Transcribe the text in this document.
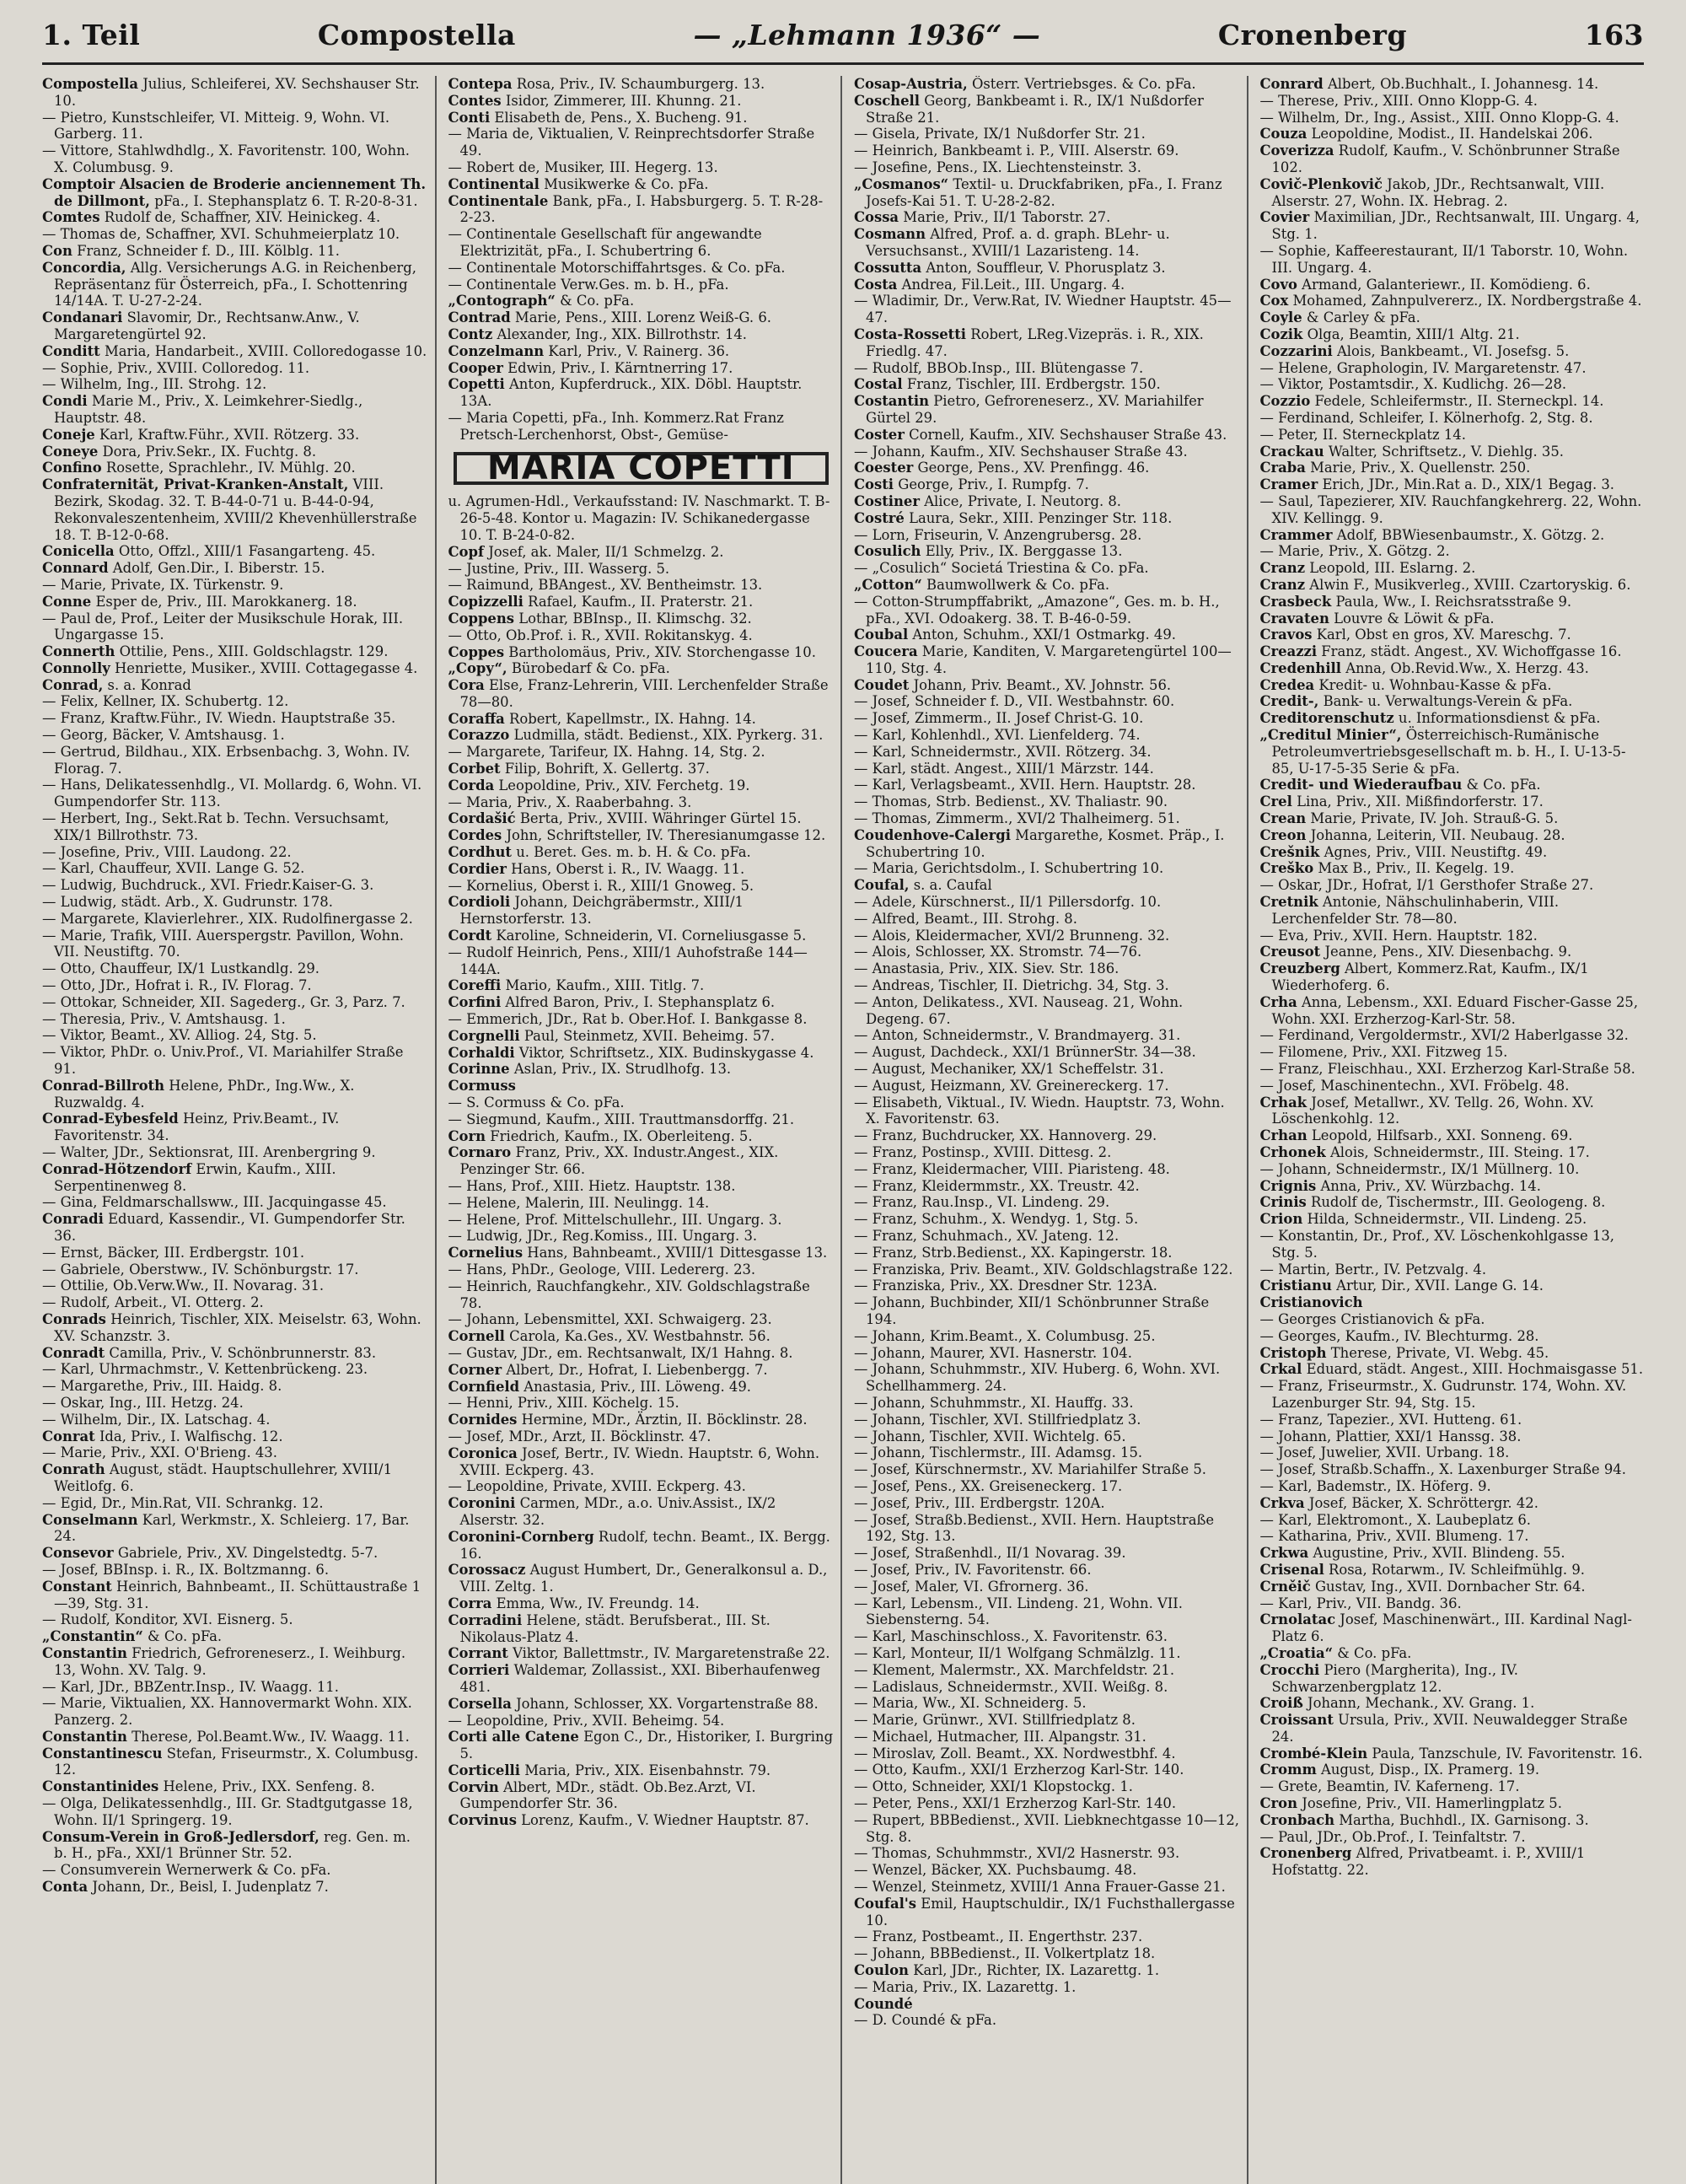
1. Teil	Compostella	— „Lehmann 1936“ —	Cronenberg	163

Compostella Julius, Schleiferei, XV. Sechshauser Str. 10.

— Pietro, Kunstschleifer, VI. Mitteig. 9, Wohn. VI. Garberg. 11.

— Vittore, Stahlwdhdlg., X. Favoritenstr. 100, Wohn. X. Columbusg. 9.

Comptoir Alsacien de Broderie anciennement Th. de Dillmont, pFa., I. Stephansplatz 6. T. R-20-8-31.

Comtes Rudolf de, Schaffner, XIV. Heinickeg. 4.

— Thomas de, Schaffner, XVI. Schuhmeierplatz 10.

Con Franz, Schneider f. D., III. Kölblg. 11.

Concordia, Allg. Versicherungs A.G. in Reichenberg, Repräsentanz für Österreich, pFa., I. Schottenring 14/14A. T. U-27-2-24.

Condanari Slavomir, Dr., Rechtsanw.Anw., V. Margaretengürtel 92.

Conditt Maria, Handarbeit., XVIII. Colloredogasse 10.

— Sophie, Priv., XVIII. Colloredog. 11.

— Wilhelm, Ing., III. Strohg. 12.

Condi Marie M., Priv., X. Leimkehrer-Siedlg., Hauptstr. 48.

Coneje Karl, Kraftw.Führ., XVII. Rötzerg. 33.

Coneye Dora, Priv.Sekr., IX. Fuchtg. 8.

Confino Rosette, Sprachlehr., IV. Mühlg. 20.

Confraternität, Privat-Kranken-Anstalt, VIII. Bezirk, Skodag. 32. T. B-44-0-71 u. B-44-0-94, Rekonvaleszentenheim, XVIII/2 Khevenhüllerstraße 18. T. B-12-0-68.

Conicella Otto, Offzl., XIII/1 Fasangarteng. 45.

Connard Adolf, Gen.Dir., I. Biberstr. 15.

— Marie, Private, IX. Türkenstr. 9.

Conne Esper de, Priv., III. Marokkanerg. 18.

— Paul de, Prof., Leiter der Musikschule Horak, III. Ungargasse 15.

Connerth Ottilie, Pens., XIII. Goldschlagstr. 129.

Connolly Henriette, Musiker., XVIII. Cottagegasse 4.

Conrad, s. a. Konrad

— Felix, Kellner, IX. Schubertg. 12.

— Franz, Kraftw.Führ., IV. Wiedn. Hauptstraße 35.

— Georg, Bäcker, V. Amtshausg. 1.

— Gertrud, Bildhau., XIX. Erbsenbachg. 3, Wohn. IV. Florag. 7.

— Hans, Delikatessenhdlg., VI. Mollardg. 6, Wohn. VI. Gumpendorfer Str. 113.

— Herbert, Ing., Sekt.Rat b. Techn. Versuchsamt, XIX/1 Billrothstr. 73.

— Josefine, Priv., VIII. Laudong. 22.

— Karl, Chauffeur, XVII. Lange G. 52.

— Ludwig, Buchdruck., XVI. Friedr.Kaiser-G. 3.

— Ludwig, städt. Arb., X. Gudrunstr. 178.

— Margarete, Klavierlehrer., XIX. Rudolfinergasse 2.

— Marie, Trafik, VIII. Auerspergstr. Pavillon, Wohn. VII. Neustiftg. 70.

— Otto, Chauffeur, IX/1 Lustkandlg. 29.

— Otto, JDr., Hofrat i. R., IV. Florag. 7.

— Ottokar, Schneider, XII. Sagederg., Gr. 3, Parz. 7.

— Theresia, Priv., V. Amtshausg. 1.

— Viktor, Beamt., XV. Alliog. 24, Stg. 5.

— Viktor, PhDr. o. Univ.Prof., VI. Mariahilfer Straße 91.

Conrad-Billroth Helene, PhDr., Ing.Ww., X. Ruzwaldg. 4.

Conrad-Eybesfeld Heinz, Priv.Beamt., IV. Favoritenstr. 34.

— Walter, JDr., Sektionsrat, III. Arenbergring 9.

Conrad-Hötzendorf Erwin, Kaufm., XIII. Serpentinenweg 8.

— Gina, Feldmarschallsww., III. Jacquingasse 45.

Conradi Eduard, Kassendir., VI. Gumpendorfer Str. 36.

— Ernst, Bäcker, III. Erdbergstr. 101.

— Gabriele, Oberstww., IV. Schönburgstr. 17.

— Ottilie, Ob.Verw.Ww., II. Novarag. 31.

— Rudolf, Arbeit., VI. Otterg. 2.

Conrads Heinrich, Tischler, XIX. Meiselstr. 63, Wohn. XV. Schanzstr. 3.

Conradt Camilla, Priv., V. Schönbrunnerstr. 83.

— Karl, Uhrmachmstr., V. Kettenbrückeng. 23.

— Margarethe, Priv., III. Haidg. 8.

— Oskar, Ing., III. Hetzg. 24.

— Wilhelm, Dir., IX. Latschag. 4.

Conrat Ida, Priv., I. Walfischg. 12.

— Marie, Priv., XXI. O'Brieng. 43.

Conrath August, städt. Hauptschullehrer, XVIII/1 Weitlofg. 6.

— Egid, Dr., Min.Rat, VII. Schrankg. 12.

Conselmann Karl, Werkmstr., X. Schleierg. 17, Bar. 24.

Consevor Gabriele, Priv., XV. Dingelstedtg. 5-7.

— Josef, BBInsp. i. R., IX. Boltzmanng. 6.

Constant Heinrich, Bahnbeamt., II. Schüttaustraße 1—39, Stg. 31.

— Rudolf, Konditor, XVI. Eisnerg. 5.

„Constantin“ & Co. pFa.

Constantin Friedrich, Gefroreneserz., I. Weihburg. 13, Wohn. XV. Talg. 9.

— Karl, JDr., BBZentr.Insp., IV. Waagg. 11.

— Marie, Viktualien, XX. Hannovermarkt Wohn. XIX. Panzerg. 2.

Constantin Therese, Pol.Beamt.Ww., IV. Waagg. 11.

Constantinescu Stefan, Friseurmstr., X. Columbusg. 12.

Constantinides Helene, Priv., IXX. Senfeng. 8.

— Olga, Delikatessenhdlg., III. Gr. Stadtgutgasse 18, Wohn. II/1 Springerg. 19.

Consum-Verein in Groß-Jedlersdorf, reg. Gen. m. b. H., pFa., XXI/1 Brünner Str. 52.

— Consumverein Wernerwerk & Co. pFa.

Conta Johann, Dr., Beisl, I. Judenplatz 7.

Contepa Rosa, Priv., IV. Schaumburgerg. 13.

Contes Isidor, Zimmerer, III. Khunng. 21.

Conti Elisabeth de, Pens., X. Bucheng. 91.

— Maria de, Viktualien, V. Reinprechtsdorfer Straße 49.

— Robert de, Musiker, III. Hegerg. 13.

Continental Musikwerke & Co. pFa.

Continentale Bank, pFa., I. Habsburgerg. 5. T. R-28-2-23.

— Continentale Gesellschaft für angewandte Elektrizität, pFa., I. Schubertring 6.

— Continentale Motorschiffahrtsges. & Co. pFa.

— Continentale Verw.Ges. m. b. H., pFa.

„Contograph“ & Co. pFa.

Contrad Marie, Pens., XIII. Lorenz Weiß-G. 6.

Contz Alexander, Ing., XIX. Billrothstr. 14.

Conzelmann Karl, Priv., V. Rainerg. 36.

Cooper Edwin, Priv., I. Kärntnerring 17.

Copetti Anton, Kupferdruck., XIX. Döbl. Hauptstr. 13A.

— Maria Copetti, pFa., Inh. Kommerz.Rat Franz Pretsch-Lerchenhorst, Obst-, Gemüse-

MARIA COPETTI

u. Agrumen-Hdl., Verkaufsstand: IV. Naschmarkt. T. B-26-5-48. Kontor u. Magazin: IV. Schikanedergasse 10. T. B-24-0-82.

Copf Josef, ak. Maler, II/1 Schmelzg. 2.

— Justine, Priv., III. Wasserg. 5.

— Raimund, BBAngest., XV. Bentheimstr. 13.

Copizzelli Rafael, Kaufm., II. Praterstr. 21.

Coppens Lothar, BBInsp., II. Klimschg. 32.

— Otto, Ob.Prof. i. R., XVII. Rokitanskyg. 4.

Coppes Bartholomäus, Priv., XIV. Storchengasse 10.

„Copy“, Bürobedarf & Co. pFa.

Cora Else, Franz-Lehrerin, VIII. Lerchenfelder Straße 78—80.

Coraffa Robert, Kapellmstr., IX. Hahng. 14.

Corazzo Ludmilla, städt. Bedienst., XIX. Pyrkerg. 31.

— Margarete, Tarifeur, IX. Hahng. 14, Stg. 2.

Corbet Filip, Bohrift, X. Gellertg. 37.

Corda Leopoldine, Priv., XIV. Ferchetg. 19.

— Maria, Priv., X. Raaberbahng. 3.

Cordašić Berta, Priv., XVIII. Währinger Gürtel 15.

Cordes John, Schriftsteller, IV. Theresianumgasse 12.

Cordhut u. Beret. Ges. m. b. H. & Co. pFa.

Cordier Hans, Oberst i. R., IV. Waagg. 11.

— Kornelius, Oberst i. R., XIII/1 Gnoweg. 5.

Cordioli Johann, Deichgräbermstr., XIII/1 Hernstorferstr. 13.

Cordt Karoline, Schneiderin, VI. Corneliusgasse 5.

— Rudolf Heinrich, Pens., XIII/1 Auhofstraße 144—144A.

Coreffi Mario, Kaufm., XIII. Titlg. 7.

Corfini Alfred Baron, Priv., I. Stephansplatz 6.

— Emmerich, JDr., Rat b. Ober.Hof. I. Bankgasse 8.

Corgnelli Paul, Steinmetz, XVII. Beheimg. 57.

Corhaldi Viktor, Schriftsetz., XIX. Budinskygasse 4.

Corinne Aslan, Priv., IX. Strudlhofg. 13.

Cormuss

— S. Cormuss & Co. pFa.

— Siegmund, Kaufm., XIII. Trauttmansdorffg. 21.

Corn Friedrich, Kaufm., IX. Oberleiteng. 5.

Cornaro Franz, Priv., XX. Industr.Angest., XIX. Penzinger Str. 66.

— Hans, Prof., XIII. Hietz. Hauptstr. 138.

— Helene, Malerin, III. Neulingg. 14.

— Helene, Prof. Mittelschullehr., III. Ungarg. 3.

— Ludwig, JDr., Reg.Komiss., III. Ungarg. 3.

Cornelius Hans, Bahnbeamt., XVIII/1 Dittesgasse 13.

— Hans, PhDr., Geologe, VIII. Ledererg. 23.

— Heinrich, Rauchfangkehr., XIV. Goldschlagstraße 78.

— Johann, Lebensmittel, XXI. Schwaigerg. 23.

Cornell Carola, Ka.Ges., XV. Westbahnstr. 56.

— Gustav, JDr., em. Rechtsanwalt, IX/1 Hahng. 8.

Corner Albert, Dr., Hofrat, I. Liebenbergg. 7.

Cornfield Anastasia, Priv., III. Löweng. 49.

— Henni, Priv., XIII. Köchelg. 15.

Cornides Hermine, MDr., Ärztin, II. Böcklinstr. 28.

— Josef, MDr., Arzt, II. Böcklinstr. 47.

Coronica Josef, Bertr., IV. Wiedn. Hauptstr. 6, Wohn. XVIII. Eckperg. 43.

— Leopoldine, Private, XVIII. Eckperg. 43.

Coronini Carmen, MDr., a.o. Univ.Assist., IX/2 Alserstr. 32.

Coronini-Cornberg Rudolf, techn. Beamt., IX. Bergg. 16.

Corossacz August Humbert, Dr., Generalkonsul a. D., VIII. Zeltg. 1.

Corra Emma, Ww., IV. Freundg. 14.

Corradini Helene, städt. Berufsberat., III. St. Nikolaus-Platz 4.

Corrant Viktor, Ballettmstr., IV. Margaretenstraße 22.

Corrieri Waldemar, Zollassist., XXI. Biberhaufenweg 481.

Corsella Johann, Schlosser, XX. Vorgartenstraße 88.

— Leopoldine, Priv., XVII. Beheimg. 54.

Corti alle Catene Egon C., Dr., Historiker, I. Burgring 5.

Corticelli Maria, Priv., XIX. Eisenbahnstr. 79.

Corvin Albert, MDr., städt. Ob.Bez.Arzt, VI. Gumpendorfer Str. 36.

Corvinus Lorenz, Kaufm., V. Wiedner Hauptstr. 87.

Cosap-Austria, Österr. Vertriebsges. & Co. pFa.

Coschell Georg, Bankbeamt i. R., IX/1 Nußdorfer Straße 21.

— Gisela, Private, IX/1 Nußdorfer Str. 21.

— Heinrich, Bankbeamt i. P., VIII. Alserstr. 69.

— Josefine, Pens., IX. Liechtensteinstr. 3.

„Cosmanos“ Textil- u. Druckfabriken, pFa., I. Franz Josefs-Kai 51. T. U-28-2-82.

Cossa Marie, Priv., II/1 Taborstr. 27.

Cosmann Alfred, Prof. a. d. graph. BLehr- u. Versuchsanst., XVIII/1 Lazaristeng. 14.

Cossutta Anton, Souffleur, V. Phorusplatz 3.

Costa Andrea, Fil.Leit., III. Ungarg. 4.

— Wladimir, Dr., Verw.Rat, IV. Wiedner Hauptstr. 45—47.

Costa-Rossetti Robert, LReg.Vizepräs. i. R., XIX. Friedlg. 47.

— Rudolf, BBOb.Insp., III. Blütengasse 7.

Costal Franz, Tischler, III. Erdbergstr. 150.

Costantin Pietro, Gefroreneserz., XV. Mariahilfer Gürtel 29.

Coster Cornell, Kaufm., XIV. Sechshauser Straße 43.

— Johann, Kaufm., XIV. Sechshauser Straße 43.

Coester George, Pens., XV. Prenfingg. 46.

Costi George, Priv., I. Rumpfg. 7.

Costiner Alice, Private, I. Neutorg. 8.

Costré Laura, Sekr., XIII. Penzinger Str. 118.

— Lorn, Friseurin, V. Anzengrubersg. 28.

Cosulich Elly, Priv., IX. Berggasse 13.

— „Cosulich“ Societá Triestina & Co. pFa.

„Cotton“ Baumwollwerk & Co. pFa.

— Cotton-Strumpffabrikt, „Amazone“, Ges. m. b. H., pFa., XVI. Odoakerg. 38. T. B-46-0-59.

Coubal Anton, Schuhm., XXI/1 Ostmarkg. 49.

Coucera Marie, Kanditen, V. Margaretengürtel 100—110, Stg. 4.

Coudet Johann, Priv. Beamt., XV. Johnstr. 56.

— Josef, Schneider f. D., VII. Westbahnstr. 60.

— Josef, Zimmerm., II. Josef Christ-G. 10.

— Karl, Kohlenhdl., XVI. Lienfelderg. 74.

— Karl, Schneidermstr., XVII. Rötzerg. 34.

— Karl, städt. Angest., XIII/1 Märzstr. 144.

— Karl, Verlagsbeamt., XVII. Hern. Hauptstr. 28.

— Thomas, Strb. Bedienst., XV. Thaliastr. 90.

— Thomas, Zimmerm., XVI/2 Thalheimerg. 51.

Coudenhove-Calergi Margarethe, Kosmet. Präp., I. Schubertring 10.

— Maria, Gerichtsdolm., I. Schubertring 10.

Coufal, s. a. Caufal

— Adele, Kürschnerst., II/1 Pillersdorfg. 10.

— Alfred, Beamt., III. Strohg. 8.

— Alois, Kleidermacher, XVI/2 Brunneng. 32.

— Alois, Schlosser, XX. Stromstr. 74—76.

— Anastasia, Priv., XIX. Siev. Str. 186.

— Andreas, Tischler, II. Dietrichg. 34, Stg. 3.

— Anton, Delikatess., XVI. Nauseag. 21, Wohn. Degeng. 67.

— Anton, Schneidermstr., V. Brandmayerg. 31.

— August, Dachdeck., XXI/1 BrünnerStr. 34—38.

— August, Mechaniker, XX/1 Scheffelstr. 31.

— August, Heizmann, XV. Greinereckerg. 17.

— Elisabeth, Viktual., IV. Wiedn. Hauptstr. 73, Wohn. X. Favoritenstr. 63.

— Franz, Buchdrucker, XX. Hannoverg. 29.

— Franz, Postinsp., XVIII. Dittesg. 2.

— Franz, Kleidermacher, VIII. Piaristeng. 48.

— Franz, Kleidermmstr., XX. Treustr. 42.

— Franz, Rau.Insp., VI. Lindeng. 29.

— Franz, Schuhm., X. Wendyg. 1, Stg. 5.

— Franz, Schuhmach., XV. Jateng. 12.

— Franz, Strb.Bedienst., XX. Kapingerstr. 18.

— Franziska, Priv. Beamt., XIV. Goldschlagstraße 122.

— Franziska, Priv., XX. Dresdner Str. 123A.

— Johann, Buchbinder, XII/1 Schönbrunner Straße 194.

— Johann, Krim.Beamt., X. Columbusg. 25.

— Johann, Maurer, XVI. Hasnerstr. 104.

— Johann, Schuhmmstr., XIV. Huberg. 6, Wohn. XVI. Schellhammerg. 24.

— Johann, Schuhmmstr., XI. Hauffg. 33.

— Johann, Tischler, XVI. Stillfriedplatz 3.

— Johann, Tischler, XVII. Wichtelg. 65.

— Johann, Tischlermstr., III. Adamsg. 15.

— Josef, Kürschnermstr., XV. Mariahilfer Straße 5.

— Josef, Pens., XX. Greiseneckerg. 17.

— Josef, Priv., III. Erdbergstr. 120A.

— Josef, Straßb.Bedienst., XVII. Hern. Hauptstraße 192, Stg. 13.

— Josef, Straßenhdl., II/1 Novarag. 39.

— Josef, Priv., IV. Favoritenstr. 66.

— Josef, Maler, VI. Gfrornerg. 36.

— Karl, Lebensm., VII. Lindeng. 21, Wohn. VII. Siebensterng. 54.

— Karl, Maschinschloss., X. Favoritenstr. 63.

— Karl, Monteur, II/1 Wolfgang Schmälzlg. 11.

— Klement, Malermstr., XX. Marchfeldstr. 21.

— Ladislaus, Schneidermstr., XVII. Weißg. 8.

— Maria, Ww., XI. Schneiderg. 5.

— Marie, Grünwr., XVI. Stillfriedplatz 8.

— Michael, Hutmacher, III. Alpangstr. 31.

— Miroslav, Zoll. Beamt., XX. Nordwestbhf. 4.

— Otto, Kaufm., XXI/1 Erzherzog Karl-Str. 140.

— Otto, Schneider, XXI/1 Klopstockg. 1.

— Peter, Pens., XXI/1 Erzherzog Karl-Str. 140.

— Rupert, BBBedienst., XVII. Liebknechtgasse 10—12, Stg. 8.

— Thomas, Schuhmmstr., XVI/2 Hasnerstr. 93.

— Wenzel, Bäcker, XX. Puchsbaumg. 48.

— Wenzel, Steinmetz, XVIII/1 Anna Frauer-Gasse 21.

Coufal's Emil, Hauptschuldir., IX/1 Fuchsthallergasse 10.

— Franz, Postbeamt., II. Engerthstr. 237.

— Johann, BBBedienst., II. Volkertplatz 18.

Coulon Karl, JDr., Richter, IX. Lazarettg. 1.

— Maria, Priv., IX. Lazarettg. 1.

Coundé

— D. Coundé & pFa.

Conrard Albert, Ob.Buchhalt., I. Johannesg. 14.

— Therese, Priv., XIII. Onno Klopp-G. 4.

— Wilhelm, Dr., Ing., Assist., XIII. Onno Klopp-G. 4.

Couza Leopoldine, Modist., II. Handelskai 206.

Coverizza Rudolf, Kaufm., V. Schönbrunner Straße 102.

Covič-Plenkovič Jakob, JDr., Rechtsanwalt, VIII. Alserstr. 27, Wohn. IX. Hebrag. 2.

Covier Maximilian, JDr., Rechtsanwalt, III. Ungarg. 4, Stg. 1.

— Sophie, Kaffeerestaurant, II/1 Taborstr. 10, Wohn. III. Ungarg. 4.

Covo Armand, Galanteriewr., II. Komödieng. 6.

Cox Mohamed, Zahnpulvererz., IX. Nordbergstraße 4.

Coyle & Carley & pFa.

Cozik Olga, Beamtin, XIII/1 Altg. 21.

Cozzarini Alois, Bankbeamt., VI. Josefsg. 5.

— Helene, Graphologin, IV. Margaretenstr. 47.

— Viktor, Postamtsdir., X. Kudlichg. 26—28.

Cozzio Fedele, Schleifermstr., II. Sterneckpl. 14.

— Ferdinand, Schleifer, I. Kölnerhofg. 2, Stg. 8.

— Peter, II. Sterneckplatz 14.

Crackau Walter, Schriftsetz., V. Diehlg. 35.

Craba Marie, Priv., X. Quellenstr. 250.

Cramer Erich, JDr., Min.Rat a. D., XIX/1 Begag. 3.

— Saul, Tapezierer, XIV. Rauchfangkehrerg. 22, Wohn. XIV. Kellingg. 9.

Crammer Adolf, BBWiesenbaumstr., X. Götzg. 2.

— Marie, Priv., X. Götzg. 2.

Cranz Leopold, III. Eslarng. 2.

Cranz Alwin F., Musikverleg., XVIII. Czartoryskig. 6.

Crasbeck Paula, Ww., I. Reichsratsstraße 9.

Cravaten Louvre & Löwit & pFa.

Cravos Karl, Obst en gros, XV. Mareschg. 7.

Creazzi Franz, städt. Angest., XV. Wichoffgasse 16.

Credenhill Anna, Ob.Revid.Ww., X. Herzg. 43.

Credea Kredit- u. Wohnbau-Kasse & pFa.

Credit-, Bank- u. Verwaltungs-Verein & pFa.

Creditorenschutz u. Informationsdienst & pFa.

„Creditul Minier“, Österreichisch-Rumänische Petroleumvertriebsgesellschaft m. b. H., I. U-13-5-85, U-17-5-35 Serie & pFa.

Credit- und Wiederaufbau & Co. pFa.

Crel Lina, Priv., XII. Mißfindorferstr. 17.

Crean Marie, Private, IV. Joh. Strauß-G. 5.

Creon Johanna, Leiterin, VII. Neubaug. 28.

Crešnik Agnes, Priv., VIII. Neustiftg. 49.

Creško Max B., Priv., II. Kegelg. 19.

— Oskar, JDr., Hofrat, I/1 Gersthofer Straße 27.

Cretnik Antonie, Nähschulinhaberin, VIII. Lerchenfelder Str. 78—80.

— Eva, Priv., XVII. Hern. Hauptstr. 182.

Creusot Jeanne, Pens., XIV. Diesenbachg. 9.

Creuzberg Albert, Kommerz.Rat, Kaufm., IX/1 Wiederhoferg. 6.

Crha Anna, Lebensm., XXI. Eduard Fischer-Gasse 25, Wohn. XXI. Erzherzog-Karl-Str. 58.

— Ferdinand, Vergoldermstr., XVI/2 Haberlgasse 32.

— Filomene, Priv., XXI. Fitzweg 15.

— Franz, Fleischhau., XXI. Erzherzog Karl-Straße 58.

— Josef, Maschinentechn., XVI. Fröbelg. 48.

Crhak Josef, Metallwr., XV. Tellg. 26, Wohn. XV. Löschenkohlg. 12.

Crhan Leopold, Hilfsarb., XXI. Sonneng. 69.

Crhonek Alois, Schneidermstr., III. Steing. 17.

— Johann, Schneidermstr., IX/1 Müllnerg. 10.

Crignis Anna, Priv., XV. Würzbachg. 14.

Crinis Rudolf de, Tischermstr., III. Geologeng. 8.

Crion Hilda, Schneidermstr., VII. Lindeng. 25.

— Konstantin, Dr., Prof., XV. Löschenkohlgasse 13, Stg. 5.

— Martin, Bertr., IV. Petzvalg. 4.

Cristianu Artur, Dir., XVII. Lange G. 14.

Cristianovich

— Georges Cristianovich & pFa.

— Georges, Kaufm., IV. Blechturmg. 28.

Cristoph Therese, Private, VI. Webg. 45.

Crkal Eduard, städt. Angest., XIII. Hochmaisgasse 51.

— Franz, Friseurmstr., X. Gudrunstr. 174, Wohn. XV. Lazenburger Str. 94, Stg. 15.

— Franz, Tapezier., XVI. Hutteng. 61.

— Johann, Plattier, XXI/1 Hanssg. 38.

— Josef, Juwelier, XVII. Urbang. 18.

— Josef, Straßb.Schaffn., X. Laxenburger Straße 94.

— Karl, Bademstr., IX. Höferg. 9.

Crkva Josef, Bäcker, X. Schröttergr. 42.

— Karl, Elektromont., X. Laubeplatz 6.

— Katharina, Priv., XVII. Blumeng. 17.

Crkwa Augustine, Priv., XVII. Blindeng. 55.

Crisenal Rosa, Rotarwm., IV. Schleifmühlg. 9.

Crněič Gustav, Ing., XVII. Dornbacher Str. 64.

— Karl, Priv., VII. Bandg. 36.

Crnolatac Josef, Maschinenwärt., III. Kardinal Nagl-Platz 6.

„Croatia“ & Co. pFa.

Crocchi Piero (Margherita), Ing., IV. Schwarzenbergplatz 12.

Croiß Johann, Mechank., XV. Grang. 1.

Croissant Ursula, Priv., XVII. Neuwaldegger Straße 24.

Crombé-Klein Paula, Tanzschule, IV. Favoritenstr. 16.

Cromm August, Disp., IX. Pramerg. 19.

— Grete, Beamtin, IV. Kaferneng. 17.

Cron Josefine, Priv., VII. Hamerlingplatz 5.

Cronbach Martha, Buchhdl., IX. Garnisong. 3.

— Paul, JDr., Ob.Prof., I. Teinfaltstr. 7.

Cronenberg Alfred, Privatbeamt. i. P., XVIII/1 Hofstattg. 22.
